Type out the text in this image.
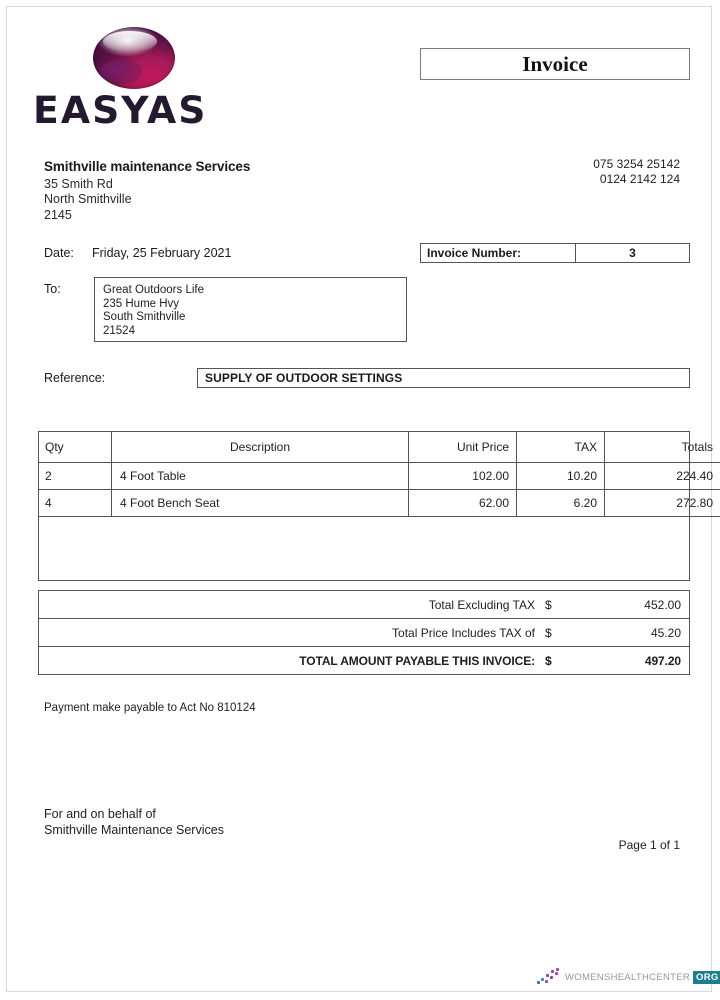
EASYAS
Invoice
Smithville maintenance Services
35 Smith Rd
North Smithville
2145
075 3254 25142
0124 2142 124
Date: Friday, 25 February 2021	Invoice Number:	3
To:	Great Outdoors Life
235 Hume Hvy
South Smithville
21524
Reference:	SUPPLY OF OUTDOOR SETTINGS
Qty	Description	Unit Price	TAX	Totals
2	4 Foot Table	102.00	10.20	224.40
4	4 Foot Bench Seat	62.00	6.20	272.80

Total Excluding TAX $	452.00
Total Price Includes TAX of $	45.20
TOTAL AMOUNT PAYABLE THIS INVOICE: $	497.20
Payment make payable to Act No 810124
For and on behalf of
Smithville Maintenance Services
Page 1 of 1
WOMENSHEALTHCENTER ORG
